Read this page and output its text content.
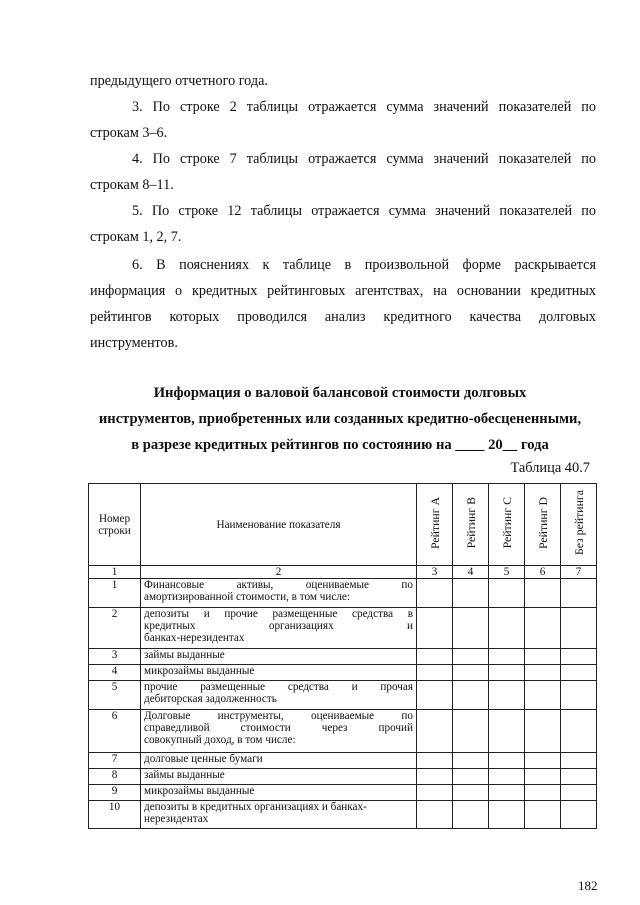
предыдущего отчетного года.

3. По строке 2 таблицы отражается сумма значений показателей по
строкам 3–6.

4. По строке 7 таблицы отражается сумма значений показателей по
строкам 8–11.

5. По строке 12 таблицы отражается сумма значений показателей по
строкам 1, 2, 7.

6. В пояснениях к таблице в произвольной форме раскрывается
информация о кредитных рейтинговых агентствах, на основании кредитных
рейтингов которых проводился анализ кредитного качества долговых
инструментов.

Информация о валовой балансовой стоимости долговых
инструментов, приобретенных или созданных кредитно-обесцененными,
в разрезе кредитных рейтингов по состоянию на ____ 20__ года

Таблица 40.7
Номер строки	Наименование показателя	Рейтинг A	Рейтинг B	Рейтинг C	Рейтинг D	Без рейтинга
1	2	3	4	5	6	7
1	Финансовые активы, оцениваемые по
амортизированной стоимости, в том числе:					

2	депозиты и прочие размещенные средства в
кредитных организациях и
банках-нерезидентах					

3	займы выданные					

4	микрозаймы выданные					

5	прочие размещенные средства и прочая
дебиторская задолженность					

6	Долговые инструменты, оцениваемые по
справедливой стоимости через прочий
совокупный доход, в том числе:					

7	долговые ценные бумаги					

8	займы выданные					

9	микрозаймы выданные					

10	депозиты в кредитных организациях и банках-
нерезидентах					

182
